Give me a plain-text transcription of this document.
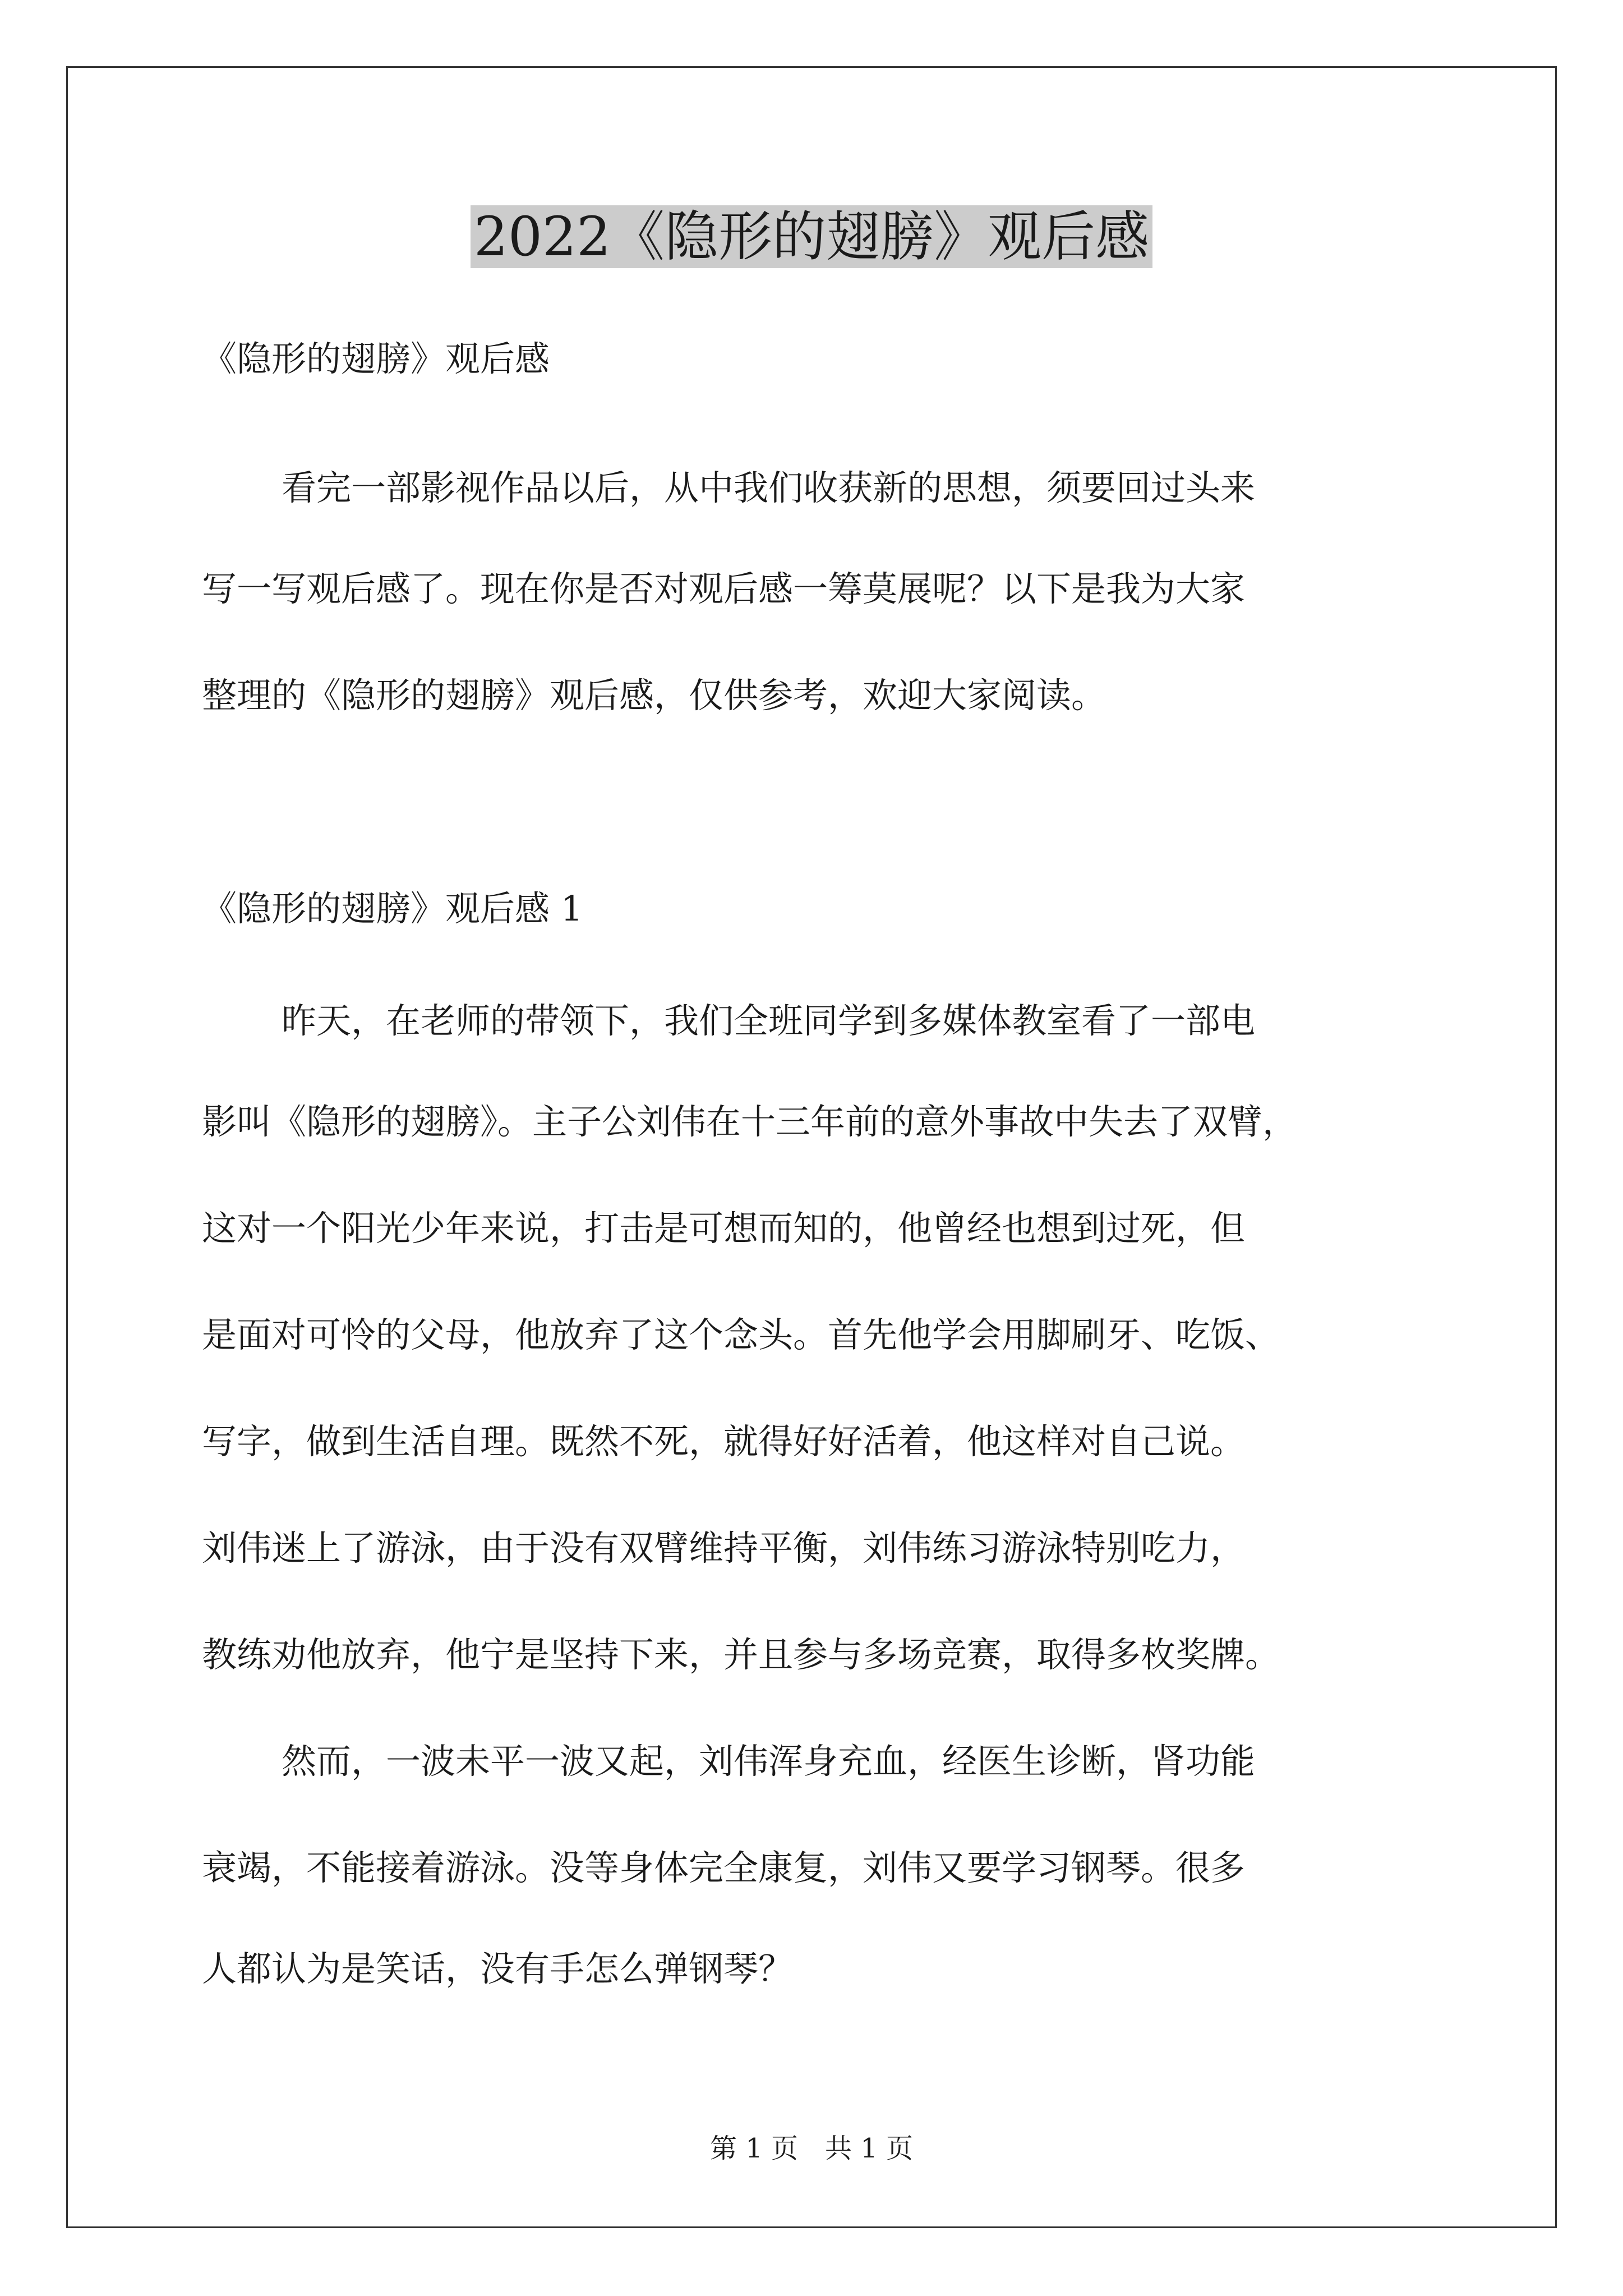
2022《隐形的翅膀》观后感
《隐形的翅膀》观后感
看完一部影视作品以后，从中我们收获新的思想，须要回过头来
写一写观后感了。现在你是否对观后感一筹莫展呢？以下是我为大家
整理的《隐形的翅膀》观后感，仅供参考，欢迎大家阅读。
《隐形的翅膀》观后感 1
昨天，在老师的带领下，我们全班同学到多媒体教室看了一部电
影叫《隐形的翅膀》。主子公刘伟在十三年前的意外事故中失去了双臂，
这对一个阳光少年来说，打击是可想而知的，他曾经也想到过死，但
是面对可怜的父母，他放弃了这个念头。首先他学会用脚刷牙、吃饭、
写字，做到生活自理。既然不死，就得好好活着，他这样对自己说。
刘伟迷上了游泳，由于没有双臂维持平衡，刘伟练习游泳特别吃力，
教练劝他放弃，他宁是坚持下来，并且参与多场竞赛，取得多枚奖牌。
然而，一波未平一波又起，刘伟浑身充血，经医生诊断，肾功能
衰竭，不能接着游泳。没等身体完全康复，刘伟又要学习钢琴。很多
人都认为是笑话，没有手怎么弹钢琴？
第 1 页　共 1 页
